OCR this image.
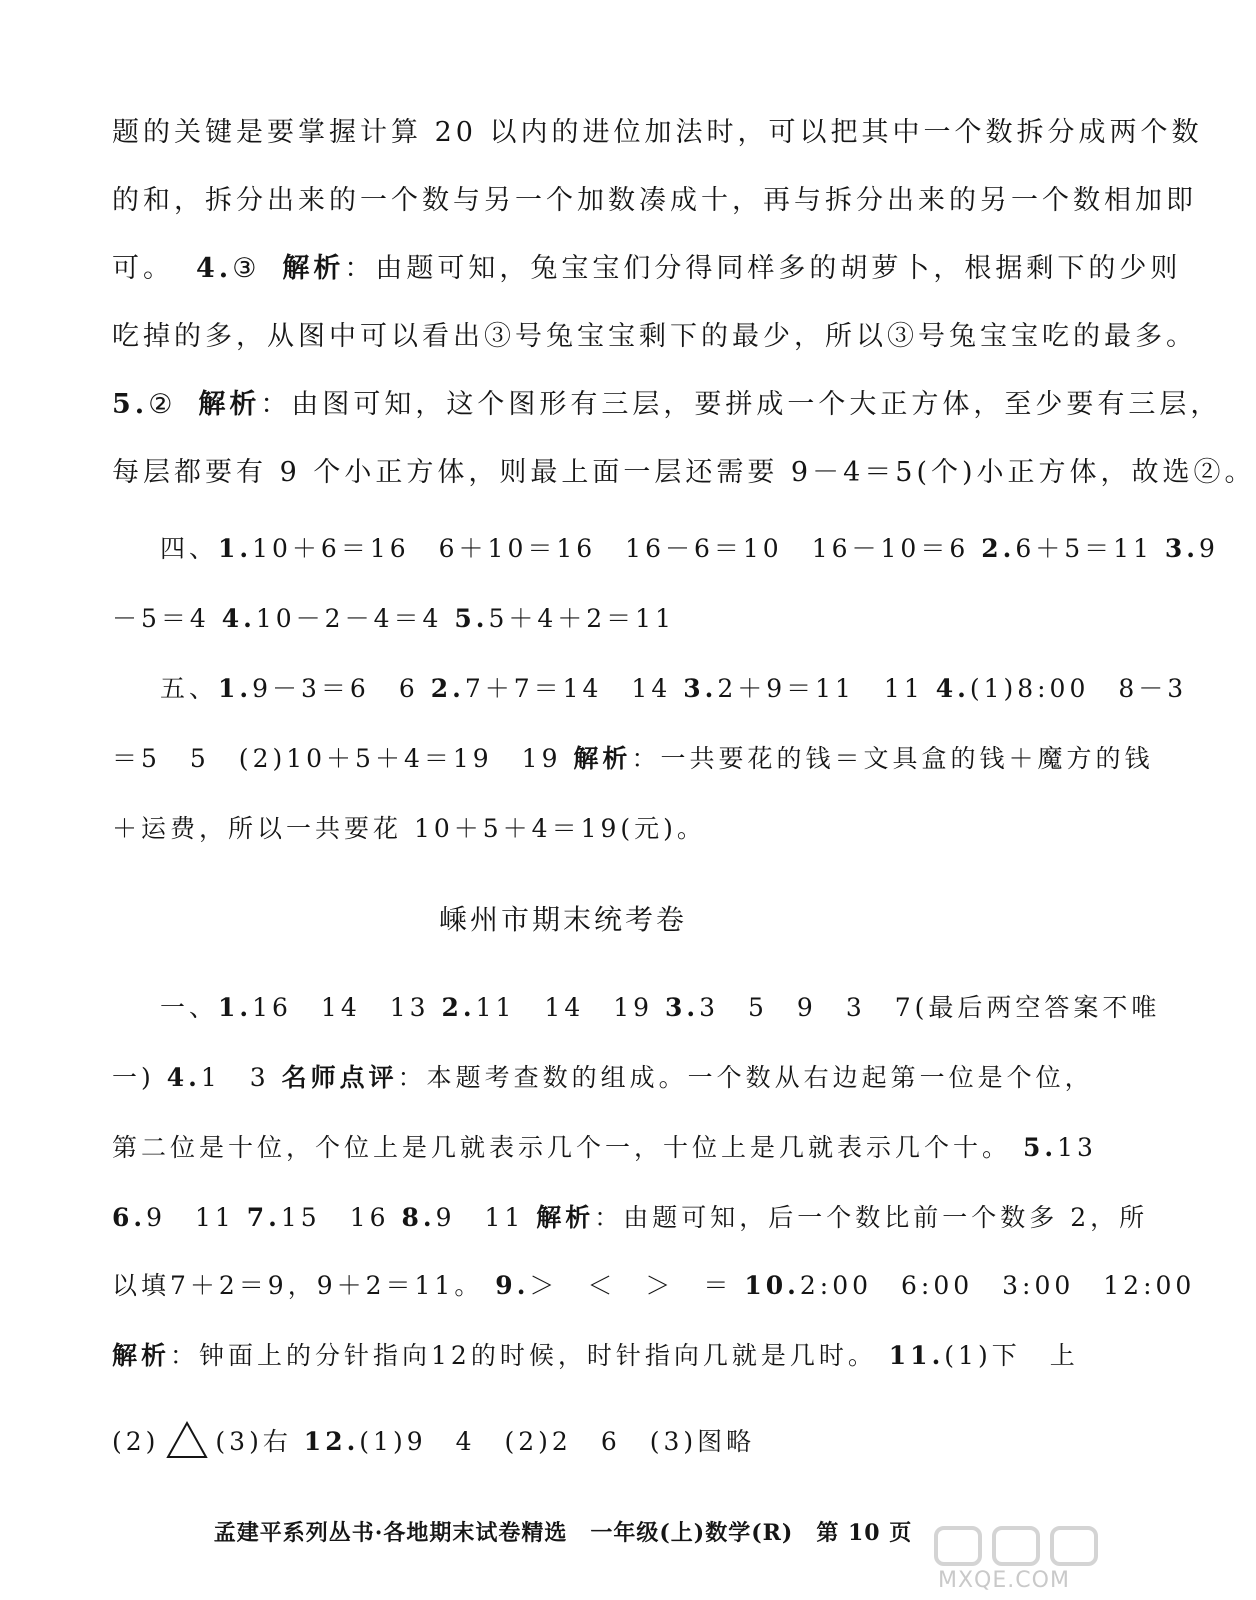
题的关键是要掌握计算 20 以内的进位加法时，可以把其中一个数拆分成两个数
的和，拆分出来的一个数与另一个加数凑成十，再与拆分出来的另一个数相加即
可。 4.③ 解析：由题可知，兔宝宝们分得同样多的胡萝卜，根据剩下的少则
吃掉的多，从图中可以看出③号兔宝宝剩下的最少，所以③号兔宝宝吃的最多。
5.② 解析：由图可知，这个图形有三层，要拼成一个大正方体，至少要有三层，
每层都要有 9 个小正方体，则最上面一层还需要 9－4＝5(个)小正方体，故选②。
四、1.10＋6＝16　6＋10＝16　16－6＝10　16－10＝6 2.6＋5＝11 3.9
－5＝4 4.10－2－4＝4 5.5＋4＋2＝11
五、1.9－3＝6　6 2.7＋7＝14　14 3.2＋9＝11　11 4.(1)8:00　8－3
＝5　5　(2)10＋5＋4＝19　19 解析：一共要花的钱＝文具盒的钱＋魔方的钱
＋运费，所以一共要花 10＋5＋4＝19(元)。
嵊州市期末统考卷
一、1.16　14　13 2.11　14　19 3.3　5　9　3　7(最后两空答案不唯
一) 4.1　3 名师点评：本题考查数的组成。一个数从右边起第一位是个位，
第二位是十位，个位上是几就表示几个一，十位上是几就表示几个十。 5.13
6.9　11 7.15　16 8.9　11 解析：由题可知，后一个数比前一个数多 2，所
以填7＋2＝9，9＋2＝11。 9.＞　＜　＞　＝ 10.2:00　6:00　3:00　12:00
解析：钟面上的分针指向12的时候，时针指向几就是几时。 11.(1)下　上
(2) (3)右 12.(1)9　4　(2)2　6　(3)图略
孟建平系列丛书·各地期末试卷精选　一年级(上)数学(R)　第 10 页
MXQE.COM
